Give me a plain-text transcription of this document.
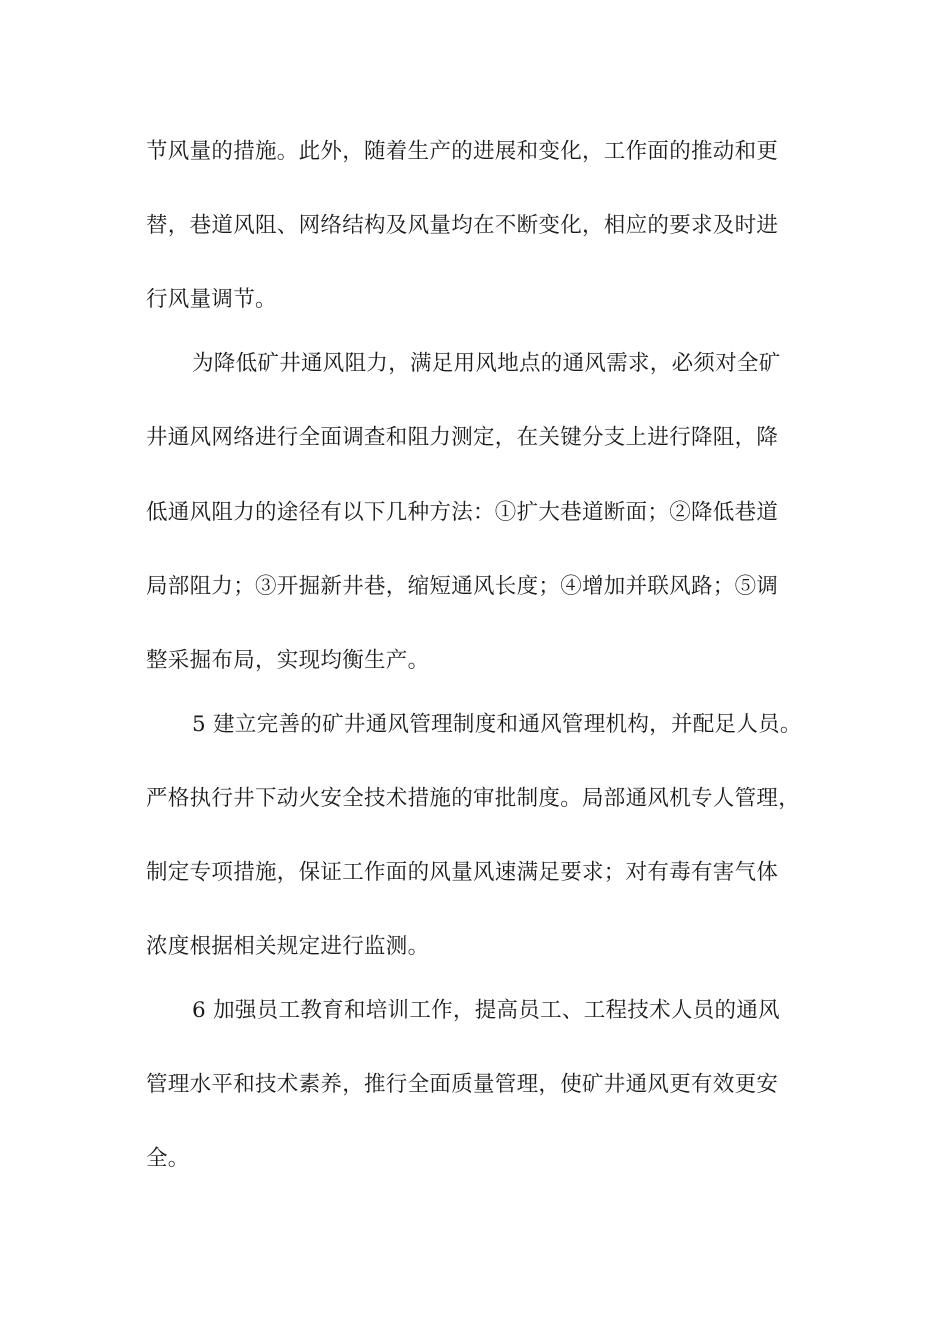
节风量的措施。此外，随着生产的进展和变化，工作面的推动和更
替，巷道风阻、网络结构及风量均在不断变化，相应的要求及时进
行风量调节。
为降低矿井通风阻力，满足用风地点的通风需求，必须对全矿
井通风网络进行全面调查和阻力测定，在关键分支上进行降阻，降
低通风阻力的途径有以下几种方法：①扩大巷道断面；②降低巷道
局部阻力；③开掘新井巷，缩短通风长度；④增加并联风路；⑤调
整采掘布局，实现均衡生产。
5 建立完善的矿井通风管理制度和通风管理机构，并配足人员。
严格执行井下动火安全技术措施的审批制度。局部通风机专人管理，
制定专项措施，保证工作面的风量风速满足要求；对有毒有害气体
浓度根据相关规定进行监测。
6 加强员工教育和培训工作，提高员工、工程技术人员的通风
管理水平和技术素养，推行全面质量管理，使矿井通风更有效更安
全。
